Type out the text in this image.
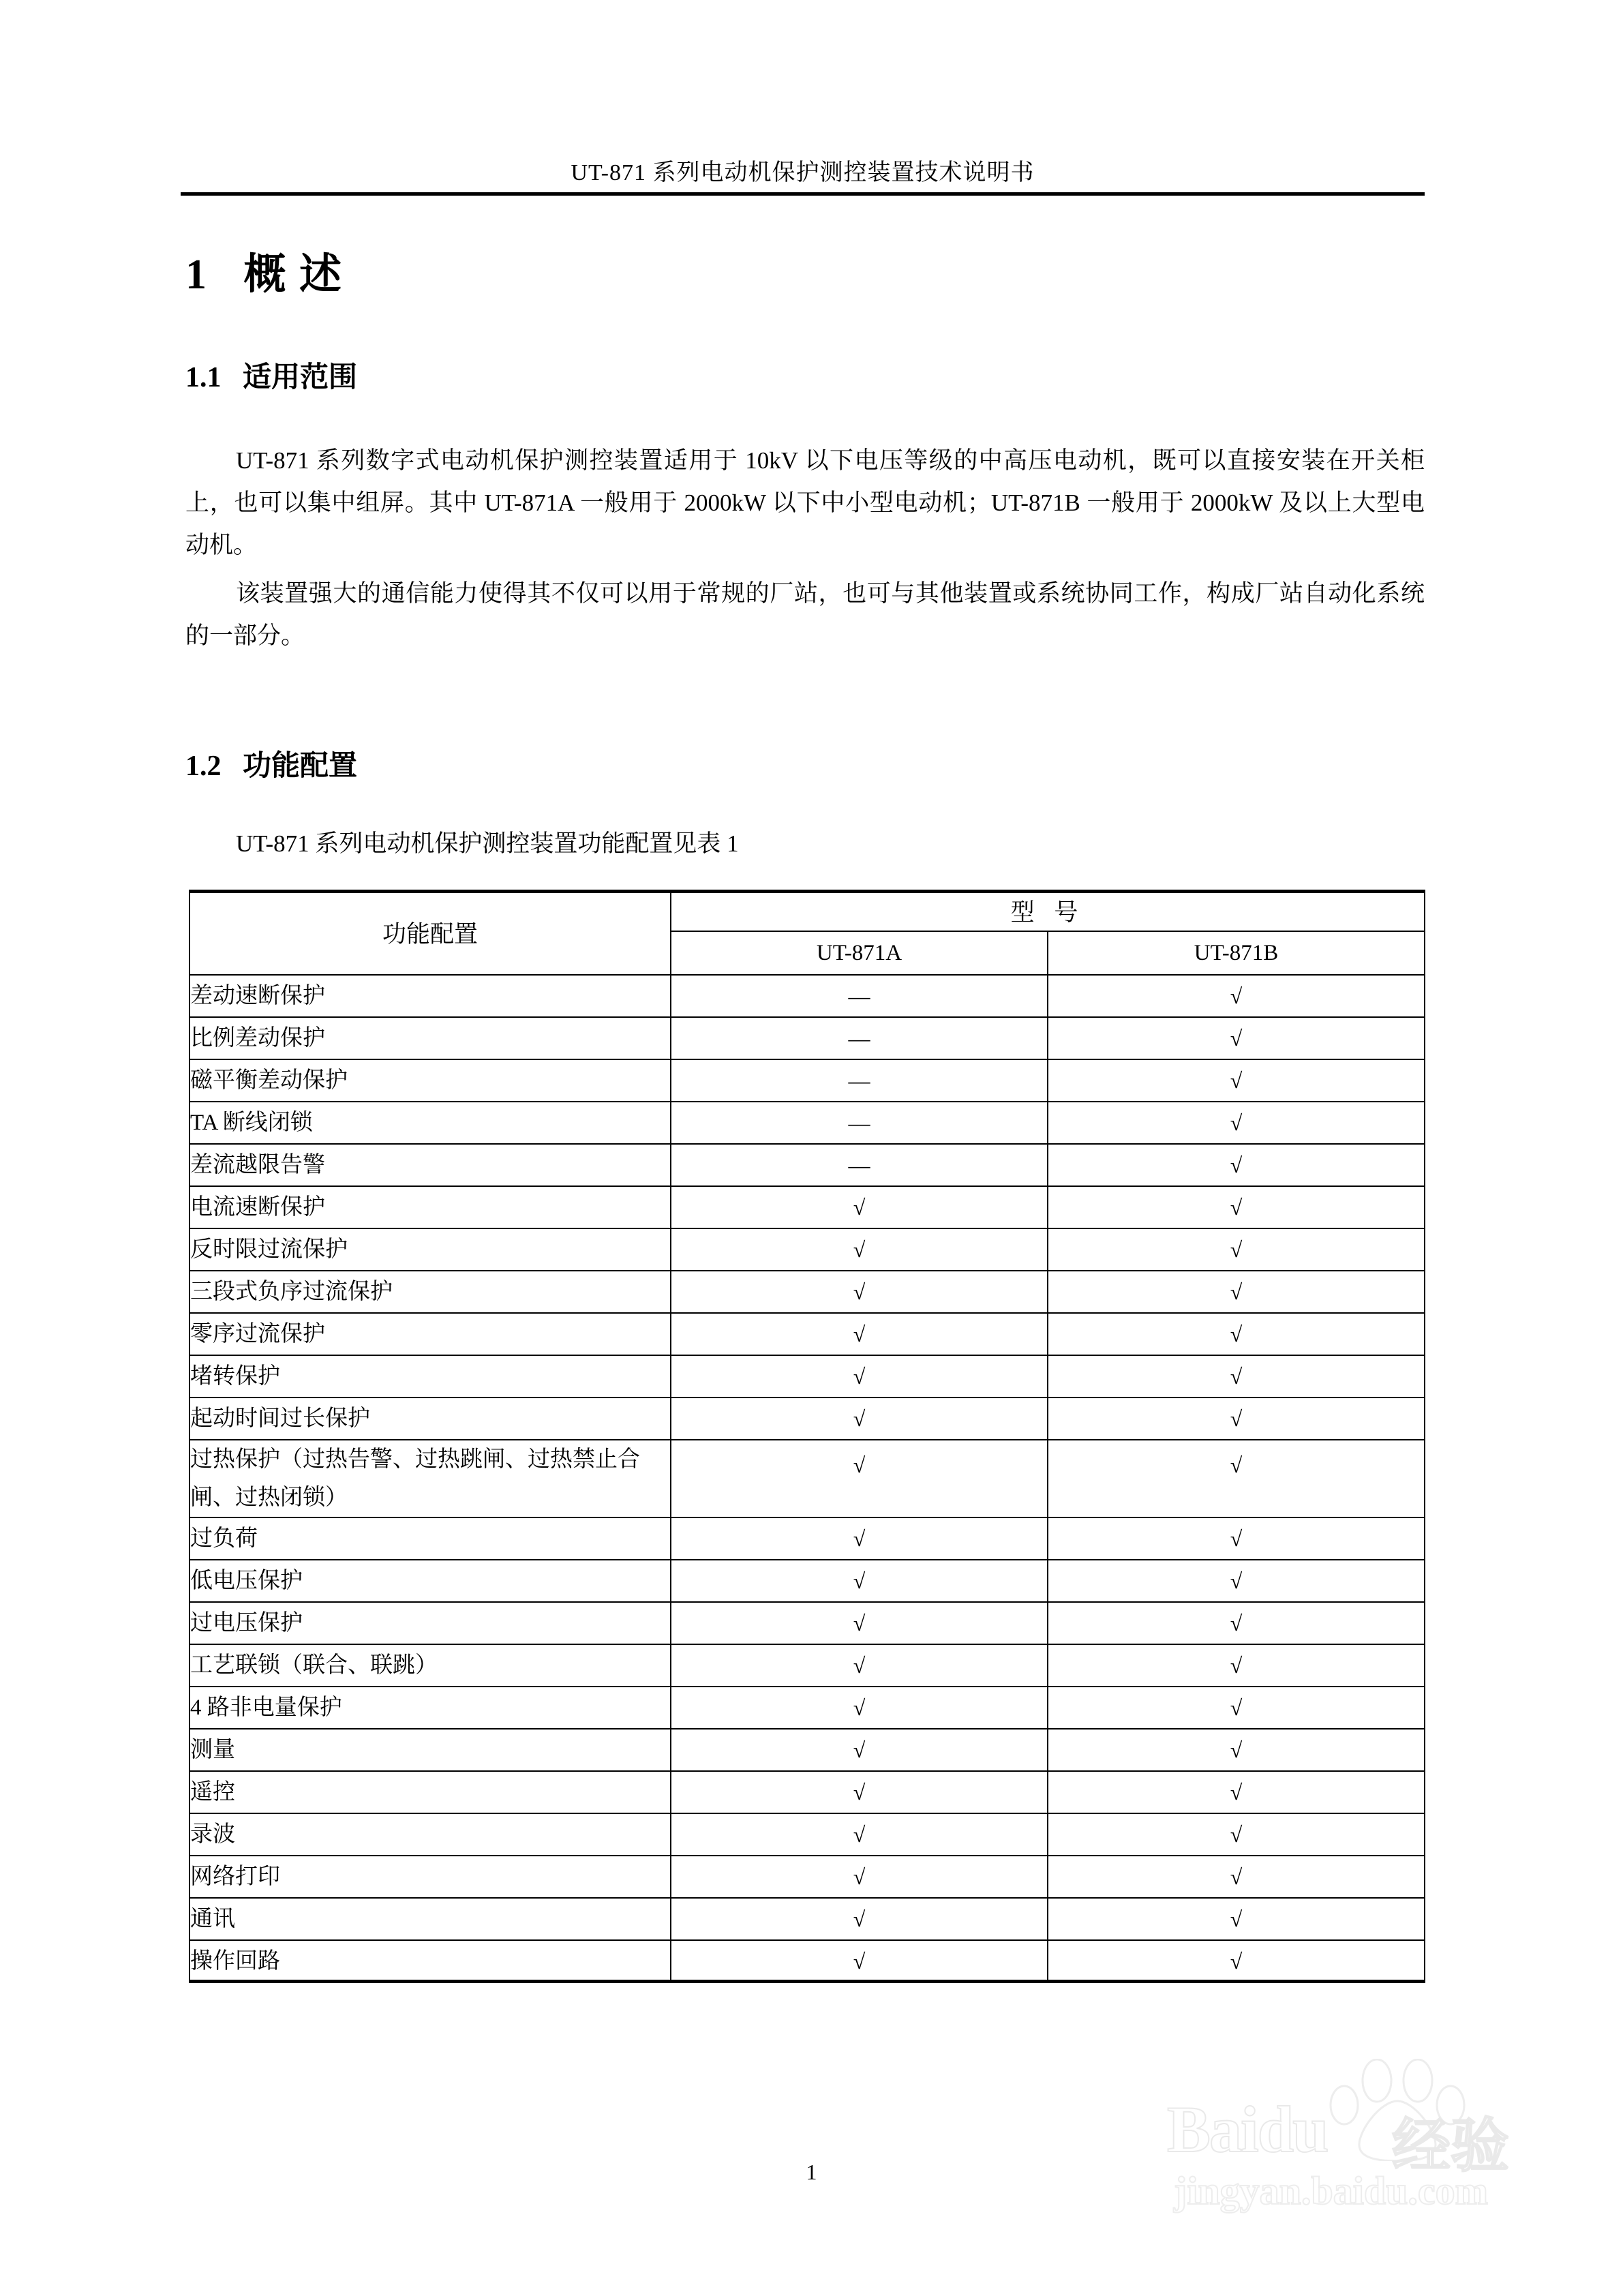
UT-871 系列电动机保护测控装置技术说明书
1   概 述
1.1   适用范围
UT-871 系列数字式电动机保护测控装置适用于 10kV 以下电压等级的中高压电动机，既可以直接安装在开关柜上，也可以集中组屏。其中 UT-871A 一般用于 2000kW 以下中小型电动机；UT-871B 一般用于 2000kW 及以上大型电动机。
该装置强大的通信能力使得其不仅可以用于常规的厂站，也可与其他装置或系统协同工作，构成厂站自动化系统的一部分。
1.2   功能配置
UT-871 系列电动机保护测控装置功能配置见表 1
功能配置	型 号	
	UT-871A	UT-871B
差动速断保护	—	√
比例差动保护	—	√
磁平衡差动保护	—	√
TA 断线闭锁	—	√
差流越限告警	—	√
电流速断保护	√	√
反时限过流保护	√	√
三段式负序过流保护	√	√
零序过流保护	√	√
堵转保护	√	√
起动时间过长保护	√	√
过热保护（过热告警、过热跳闸、过热禁止合闸、过热闭锁）	√	√
过负荷	√	√
低电压保护	√	√
过电压保护	√	√
工艺联锁（联合、联跳）	√	√
4 路非电量保护	√	√
测量	√	√
遥控	√	√
录波	√	√
网络打印	√	√
通讯	√	√
操作回路	√	√
1
Baidu 经验
jingyan.baidu.com
